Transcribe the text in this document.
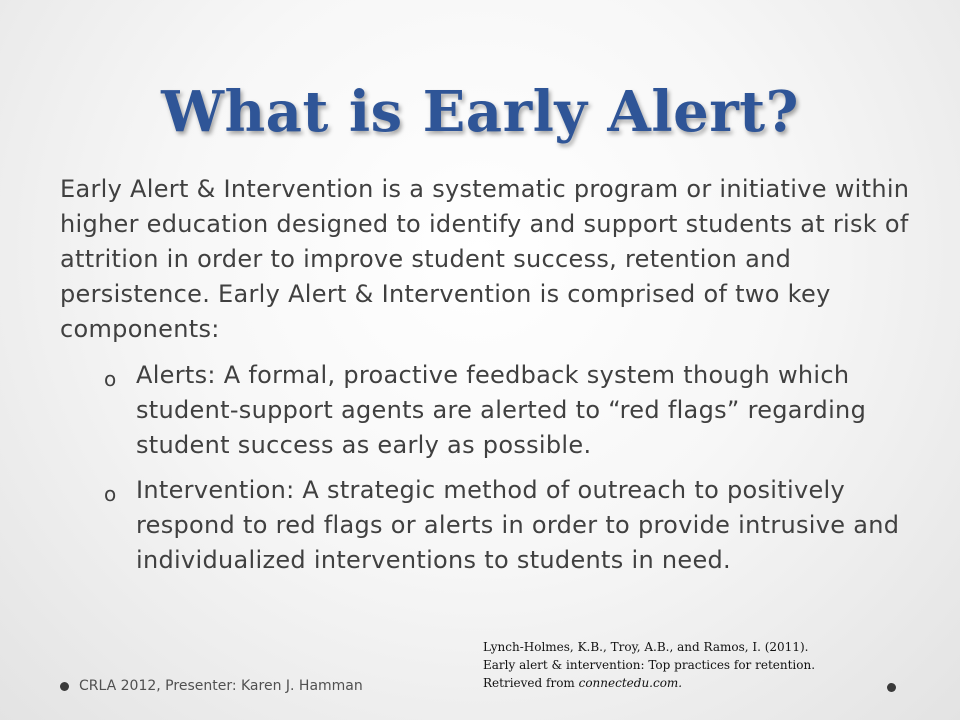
What is Early Alert?
Early Alert & Intervention is a systematic program or initiative within higher education designed to identify and support students at risk of attrition in order to improve student success, retention and persistence. Early Alert & Intervention is comprised of two key components:
o Alerts: A formal, proactive feedback system though which student-support agents are alerted to “red flags” regarding student success as early as possible.
o Intervention: A strategic method of outreach to positively respond to red flags or alerts in order to provide intrusive and individualized interventions to students in need.
Lynch-Holmes, K.B., Troy, A.B., and Ramos, I. (2011).
Early alert & intervention: Top practices for retention.
Retrieved from connectedu.com.
CRLA 2012, Presenter: Karen J. Hamman
